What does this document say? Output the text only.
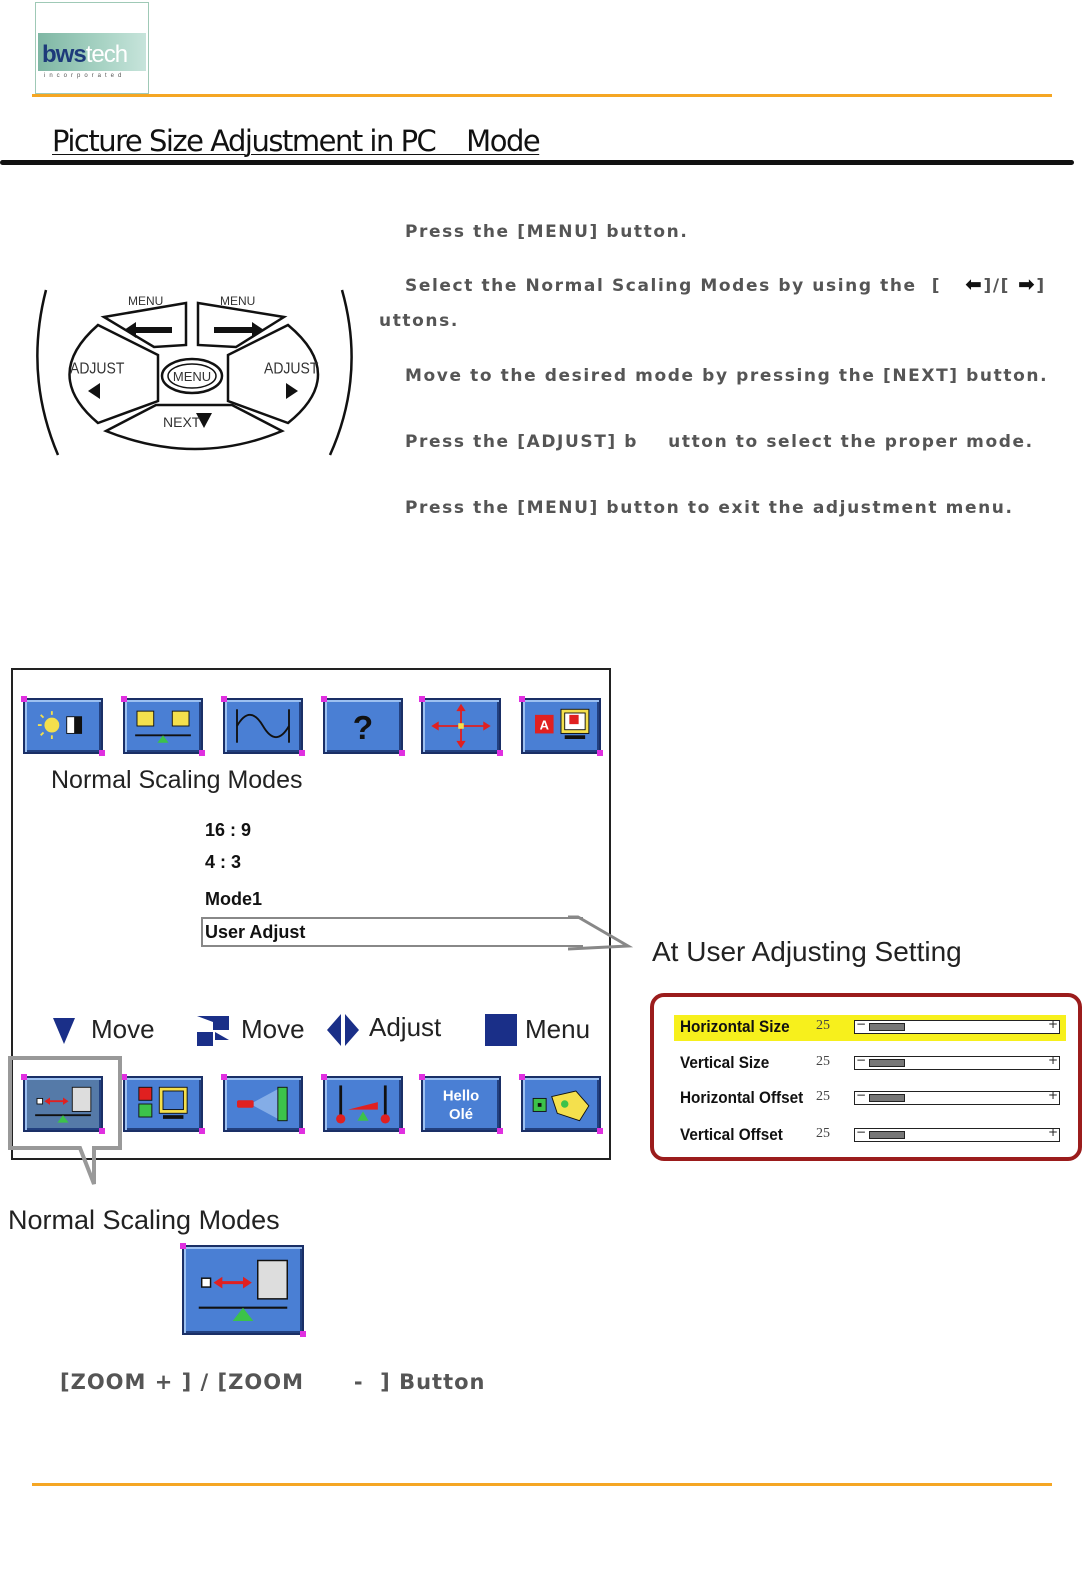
bwstech
incorporated
Picture Size Adjustment in PC    Mode
MENU	MENU
ADJUST	ADJUST
MENU
NEXT
Press the [MENU] button.
Select the Normal Scaling Modes by using the  [ ⬅]/[ ➡]
uttons.
Move to the desired mode by pressing the [NEXT] button.
Press the [ADJUST] b    utton to select the proper mode.
Press the [MENU] button to exit the adjustment menu.
?	A
Normal Scaling Modes
16 : 9
4 : 3
Mode1
User Adjust
Move	Move Adjust	Menu
Hello
Olé
At User Adjusting Setting
Horizontal Size 25 −	+
Vertical Size	25 −	+
Horizontal Offset 25 −	+
Vertical Offset 25 −	+
Normal Scaling Modes
[ZOOM + ] / [ZOOM      -  ] Button
